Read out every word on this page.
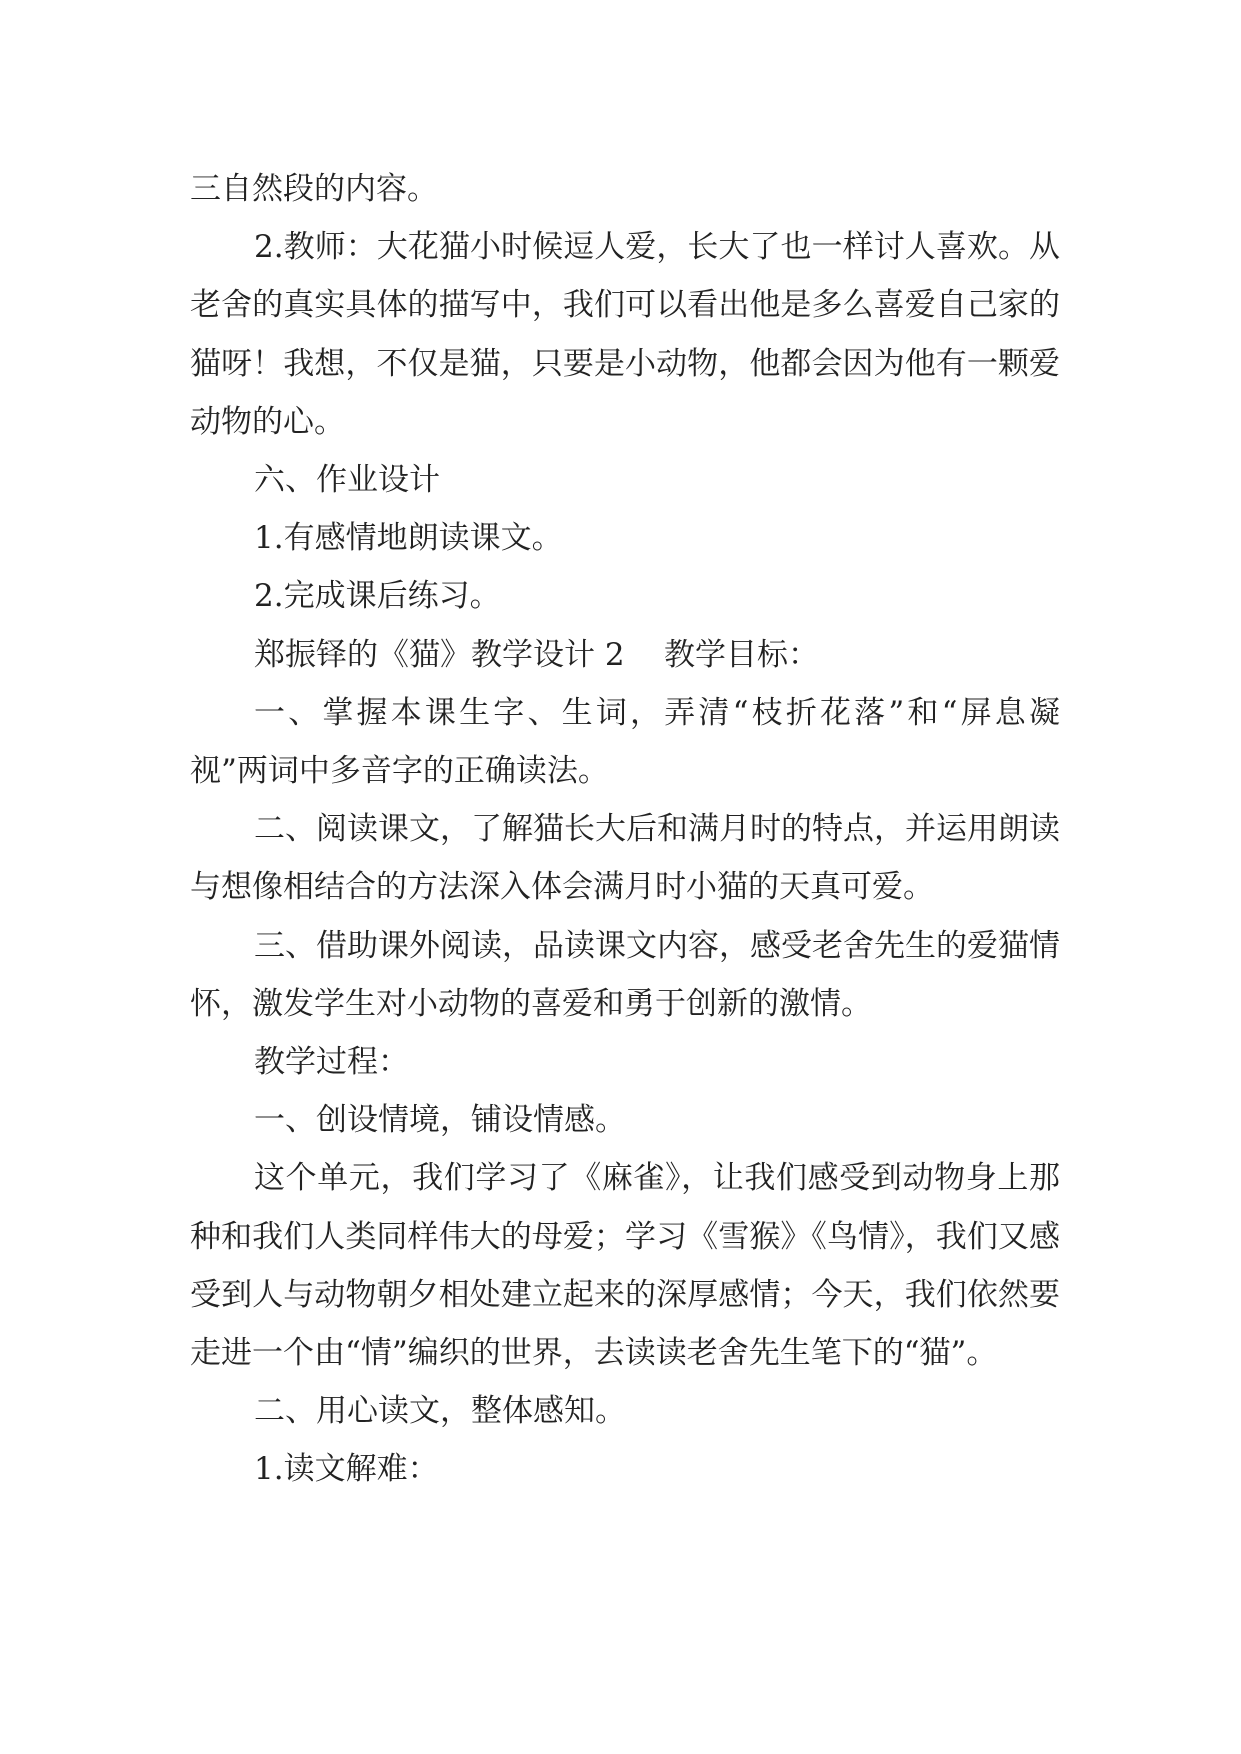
三自然段的内容。

2.教师：大花猫小时候逗人爱，长大了也一样讨人喜欢。从老舍的真实具体的描写中，我们可以看出他是多么喜爱自己家的猫呀！我想，不仅是猫，只要是小动物，他都会因为他有一颗爱动物的心。

六、作业设计

1.有感情地朗读课文。

2.完成课后练习。

郑振铎的《猫》教学设计 2    教学目标：

一、掌握本课生字、生词，弄清“枝折花落”和“屏息凝视”两词中多音字的正确读法。

二、阅读课文，了解猫长大后和满月时的特点，并运用朗读与想像相结合的方法深入体会满月时小猫的天真可爱。

三、借助课外阅读，品读课文内容，感受老舍先生的爱猫情怀，激发学生对小动物的喜爱和勇于创新的激情。

教学过程：

一、创设情境，铺设情感。

这个单元，我们学习了《麻雀》，让我们感受到动物身上那种和我们人类同样伟大的母爱；学习《雪猴》《鸟情》，我们又感受到人与动物朝夕相处建立起来的深厚感情；今天，我们依然要走进一个由“情”编织的世界，去读读老舍先生笔下的“猫”。

二、用心读文，整体感知。

1.读文解难：
